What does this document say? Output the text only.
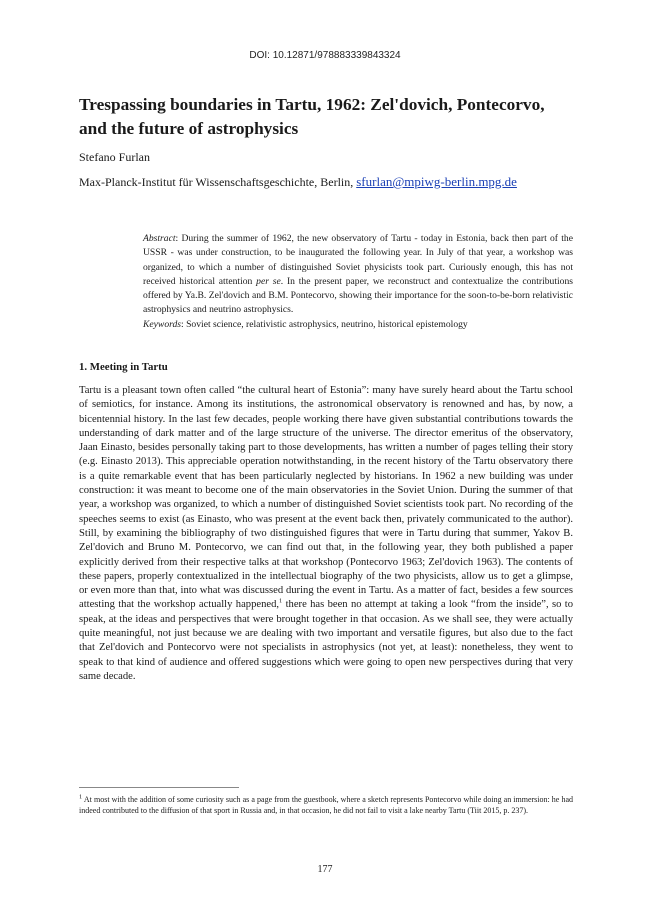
DOI: 10.12871/978883339843324
Trespassing boundaries in Tartu, 1962: Zel'dovich, Pontecorvo, and the future of astrophysics
Stefano Furlan
Max-Planck-Institut für Wissenschaftsgeschichte, Berlin, sfurlan@mpiwg-berlin.mpg.de

Abstract: During the summer of 1962, the new observatory of Tartu - today in Estonia, back then part of the USSR - was under construction, to be inaugurated the following year. In July of that year, a workshop was organized, to which a number of distinguished Soviet physicists took part. Curiously enough, this has not received historical attention per se. In the present paper, we reconstruct and contextualize the contributions offered by Ya.B. Zel'dovich and B.M. Pontecorvo, showing their importance for the soon-to-be-born relativistic astrophysics and neutrino astrophysics.

Keywords: Soviet science, relativistic astrophysics, neutrino, historical epistemology

1. Meeting in Tartu

Tartu is a pleasant town often called “the cultural heart of Estonia”: many have surely heard about the Tartu school of semiotics, for instance. Among its institutions, the astronomical observatory is renowned and has, by now, a bicentennial history. In the last few decades, people working there have given substantial contributions towards the understanding of dark matter and of the large structure of the universe. The director emeritus of the observatory, Jaan Einasto, besides personally taking part to those developments, has written a number of pages telling their story (e.g. Einasto 2013). This appreciable operation notwithstanding, in the recent history of the Tartu observatory there is a quite remarkable event that has been particularly neglected by historians. In 1962 a new building was under construction: it was meant to become one of the main observatories in the Soviet Union. During the summer of that year, a workshop was organized, to which a number of distinguished Soviet scientists took part. No recording of the speeches seems to exist (as Einasto, who was present at the event back then, privately communicated to the author). Still, by examining the bibliography of two distinguished figures that were in Tartu during that summer, Yakov B. Zel'dovich and Bruno M. Pontecorvo, we can find out that, in the following year, they both published a paper explicitly derived from their respective talks at that workshop (Pontecorvo 1963; Zel'dovich 1963). The contents of these papers, properly contextualized in the intellectual biography of the two physicists, allow us to get a glimpse, or even more than that, into what was discussed during the event in Tartu. As a matter of fact, besides a few sources attesting that the workshop actually happened,$^1$ there has been no attempt at taking a look “from the inside”, so to speak, at the ideas and perspectives that were brought together in that occasion. As we shall see, they were actually quite meaningful, not just because we are dealing with two important and versatile figures, but also due to the fact that Zel'dovich and Pontecorvo were not specialists in astrophysics (not yet, at least): nonetheless, they went to speak to that kind of audience and offered suggestions which were going to open new perspectives during that very same decade.

$^1$ At most with the addition of some curiosity such as a page from the guestbook, where a sketch represents Pontecorvo while doing an immersion: he had indeed contributed to the diffusion of that sport in Russia and, in that occasion, he did not fail to visit a lake nearby Tartu (Tiit 2015, p. 237).

177
